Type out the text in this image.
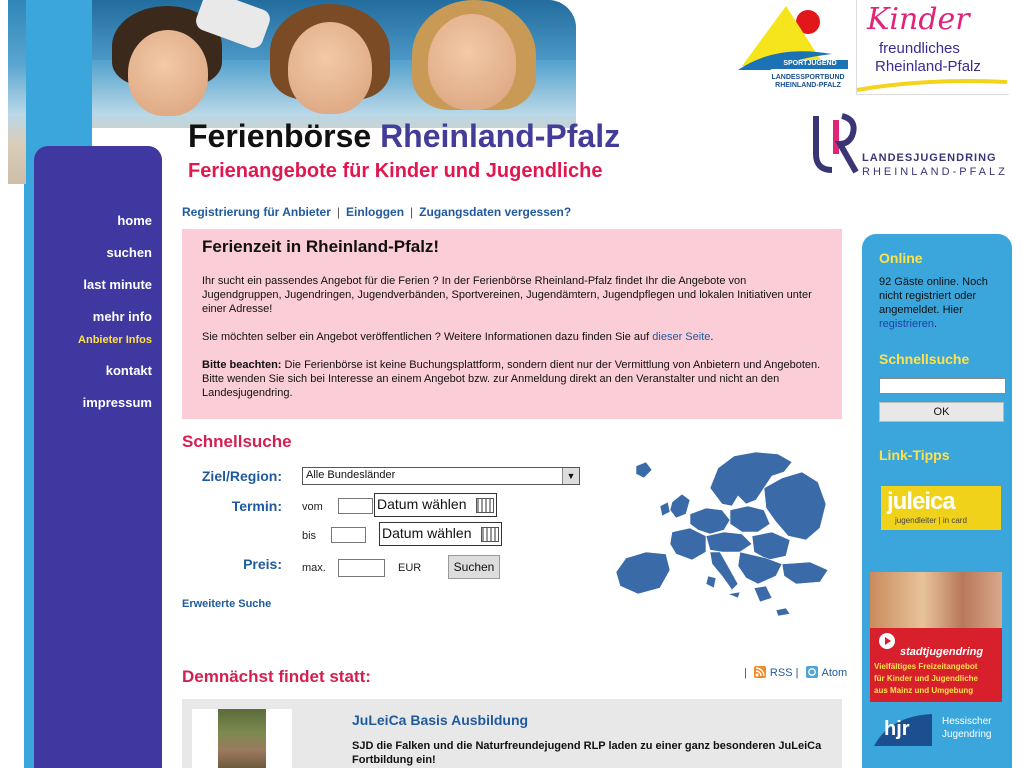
Ferienbörse Rheinland-Pfalz
Ferienangebote für Kinder und Jugendliche
SPORTJUGEND
LANDESSPORTBUND
RHEINLAND-PFALZ
Kinder
freundliches
Rheinland-Pfalz
LANDESJUGENDRING
RHEINLAND-PFALZ
home
suchen
last minute
mehr info
Anbieter Infos
kontakt
impressum
Registrierung für Anbieter | Einloggen | Zugangsdaten vergessen?
Ferienzeit in Rheinland-Pfalz!

Ihr sucht ein passendes Angebot für die Ferien ? In der Ferienbörse Rheinland-Pfalz findet Ihr die Angebote von Jugendgruppen, Jugendringen, Jugendverbänden, Sportvereinen, Jugendämtern, Jugendpflegen und lokalen Initiativen unter einer Adresse!

Sie möchten selber ein Angebot veröffentlichen ? Weitere Informationen dazu finden Sie auf dieser Seite.

Bitte beachten: Die Ferienbörse ist keine Buchungsplattform, sondern dient nur der Vermittlung von Anbietern und Angeboten. Bitte wenden Sie sich bei Interesse an einem Angebot bzw. zur Anmeldung direkt an den Veranstalter und nicht an den Landesjugendring.

Schnellsuche
Ziel/Region:	Alle Bundesländer	▼
Termin: vom	Datum wählen
bis	Datum wählen
Preis: max.	EUR	Suchen
Erweiterte Suche
Demnächst findet statt:	| RSS | Atom
JuLeiCa Basis Ausbildung
SJD die Falken und die Naturfreundejugend RLP laden zu einer ganz besonderen JuLeiCa Fortbildung ein!
Online
92 Gäste online. Noch nicht registriert oder angemeldet. Hier registrieren.
Schnellsuche
Link-Tipps
OK
juleica
jugendleiter | in card
stadtjugendring
Vielfältiges Freizeitangebot
für Kinder und Jugendliche
aus Mainz und Umgebung
hjr	Hessischer
Jugendring
